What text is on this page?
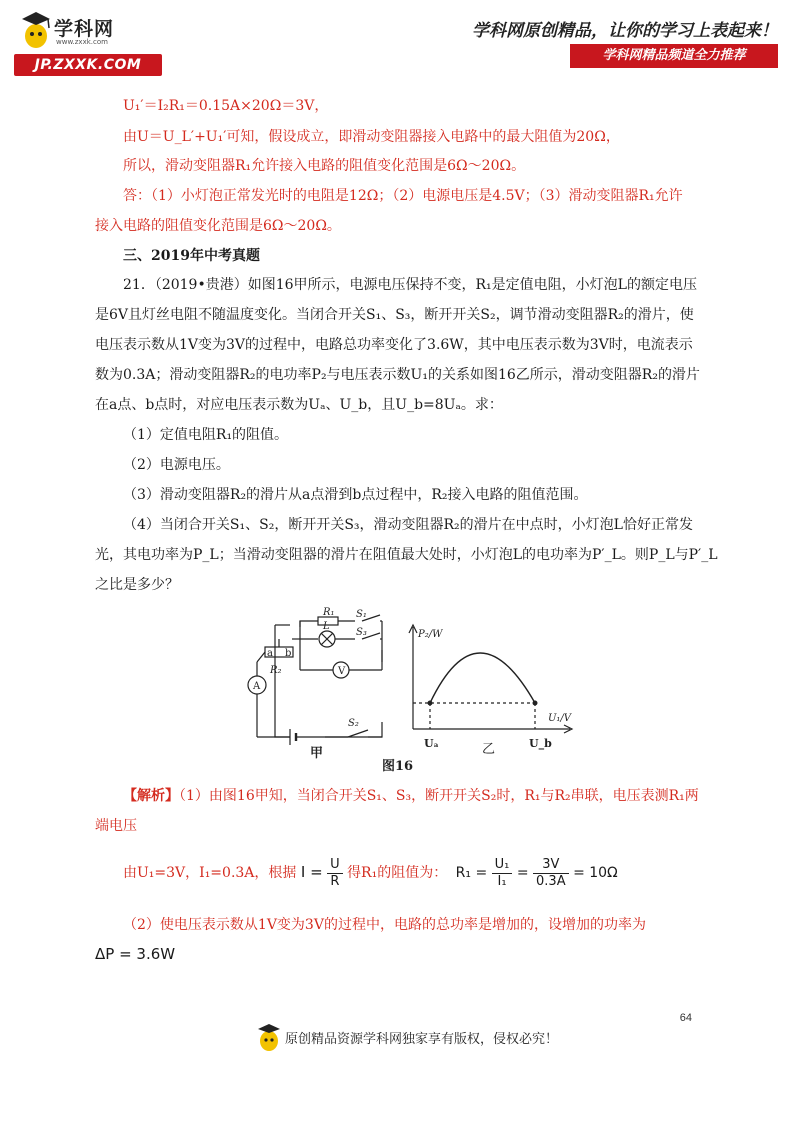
学科网
www.zxxk.com
JP.ZXXK.COM
学科网原创精品，让你的学习上表起来！
学科网精品频道全力推荐
U₁′＝I₂R₁＝0.15A×20Ω＝3V，
由U＝U_L′+U₁′可知，假设成立，即滑动变阻器接入电路中的最大阻值为20Ω，
所以，滑动变阻器R₁允许接入电路的阻值变化范围是6Ω～20Ω。
答：（1）小灯泡正常发光时的电阻是12Ω；（2）电源电压是4.5V；（3）滑动变阻器R₁允许
接入电路的阻值变化范围是6Ω～20Ω。
三、2019年中考真题
21．（2019•贵港）如图16甲所示，电源电压保持不变，R₁是定值电阻，小灯泡L的额定电压
是6V且灯丝电阻不随温度变化。当闭合开关S₁、S₃，断开开关S₂，调节滑动变阻器R₂的滑片，使
电压表示数从1V变为3V的过程中，电路总功率变化了3.6W，其中电压表示数为3V时，电流表示
数为0.3A；滑动变阻器R₂的电功率P₂与电压表示数U₁的关系如图16乙所示，滑动变阻器R₂的滑片
在a点、b点时，对应电压表示数为Uₐ、U_b，且U_b=8Uₐ。求：
（1）定值电阻R₁的阻值。
（2）电源电压。
（3）滑动变阻器R₂的滑片从a点滑到b点过程中，R₂接入电路的阻值范围。
（4）当闭合开关S₁、S₂，断开开关S₃，滑动变阻器R₂的滑片在中点时，小灯泡L恰好正常发
光，其电功率为P_L；当滑动变阻器的滑片在阻值最大处时，小灯泡L的电功率为P′_L。则P_L与P′_L
之比是多少？
R₁ S₁
L
S₃
R₂
a b
V
A
S₂
甲
P₂/W
U₁/V
Uₐ	U_b
乙
图16
【解析】（1）由图16甲知，当闭合开关S₁、S₃，断开开关S₂时，R₁与R₂串联，电压表测R₁两
端电压
由U₁=3V，I₁=0.3A，根据 $I = \frac{U}{R}$ 得R₁的阻值为： $R_1 = \frac{\text{U₁}}{\text{I₁}} = \frac{3V}{0.3A} = 10\Omega$
（2）使电压表示数从1V变为3V的过程中，电路的总功率是增加的，设增加的功率为
ΔP = 3.6W
64
原创精品资源学科网独家享有版权，侵权必究！
